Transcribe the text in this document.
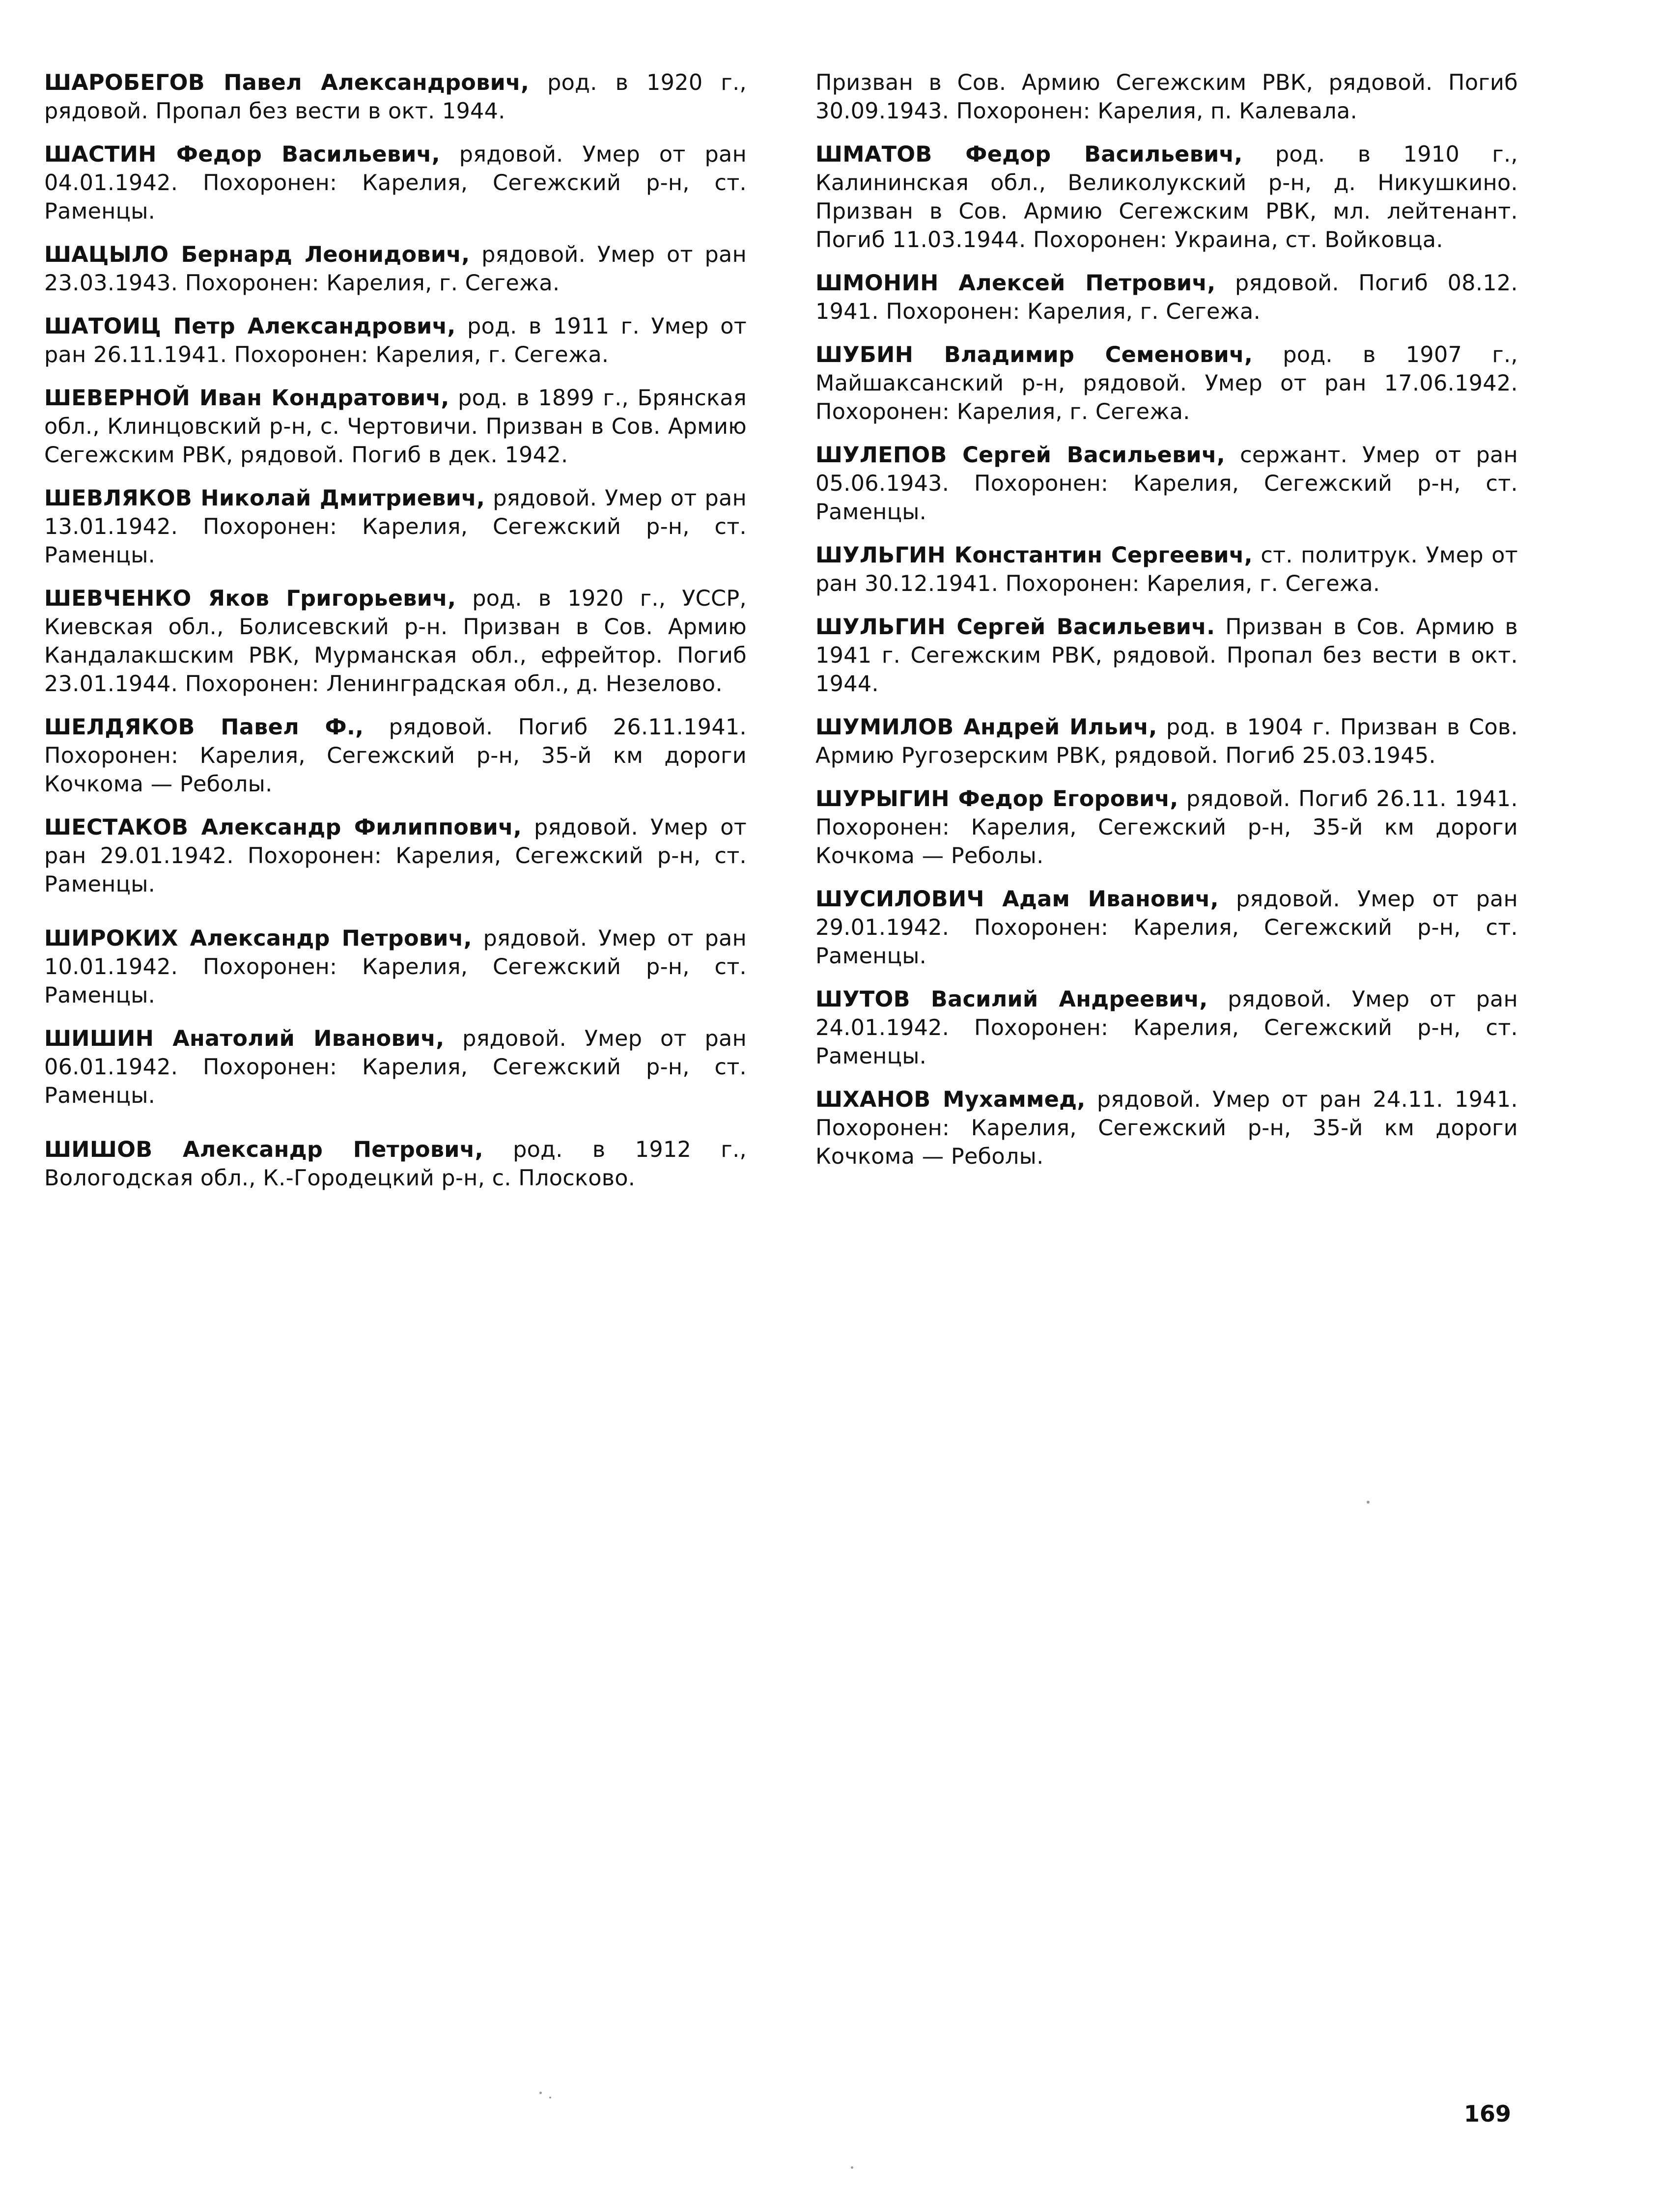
ШАРОБЕГОВ Павел Александрович, род. в 1920 г., рядовой. Пропал без вести в окт. 1944.

ШАСТИН Федор Васильевич, рядовой. Умер от ран 04.01.1942. Похоронен: Карелия, Сегежский р-н, ст. Раменцы.

ШАЦЫЛО Бернард Леонидович, рядовой. Умер от ран 23.03.1943. Похоронен: Карелия, г. Сегежа.

ШАТОИЦ Петр Александрович, род. в 1911 г. Умер от ран 26.11.1941. Похоронен: Карелия, г. Сегежа.

ШЕВЕРНОЙ Иван Кондратович, род. в 1899 г., Брянская обл., Клинцовский р-н, с. Чертовичи. Призван в Сов. Армию Сегежским РВК, рядовой. Погиб в дек. 1942.

ШЕВЛЯКОВ Николай Дмитриевич, рядовой. Умер от ран 13.01.1942. Похоронен: Карелия, Сегежский р-н, ст. Раменцы.

ШЕВЧЕНКО Яков Григорьевич, род. в 1920 г., УССР, Киевская обл., Болисевский р-н. Призван в Сов. Армию Кандалакшским РВК, Мурманская обл., ефрейтор. Погиб 23.01.1944. Похоронен: Ленинградская обл., д. Незелово.

ШЕЛДЯКОВ Павел Ф., рядовой. Погиб 26.11.1941. Похоронен: Карелия, Сегежский р-н, 35-й км дороги Кочкома — Реболы.

ШЕСТАКОВ Александр Филиппович, рядовой. Умер от ран 29.01.1942. Похоронен: Карелия, Сегежский р-н, ст. Раменцы.

ШИРОКИХ Александр Петрович, рядовой. Умер от ран 10.01.1942. Похоронен: Карелия, Сегежский р-н, ст. Раменцы.

ШИШИН Анатолий Иванович, рядовой. Умер от ран 06.01.1942. Похоронен: Карелия, Сегежский р-н, ст. Раменцы.

ШИШОВ Александр Петрович, род. в 1912 г., Вологодская обл., К.-Городецкий р-н, с. Плосково.

Призван в Сов. Армию Сегежским РВК, рядовой. Погиб 30.09.1943. Похоронен: Карелия, п. Калевала.

ШМАТОВ Федор Васильевич, род. в 1910 г., Калининская обл., Великолукский р-н, д. Никушкино. Призван в Сов. Армию Сегежским РВК, мл. лейтенант. Погиб 11.03.1944. Похоронен: Украина, ст. Войковца.

ШМОНИН Алексей Петрович, рядовой. Погиб 08.12. 1941. Похоронен: Карелия, г. Сегежа.

ШУБИН Владимир Семенович, род. в 1907 г., Майшаксанский р-н, рядовой. Умер от ран 17.06.1942. Похоронен: Карелия, г. Сегежа.

ШУЛЕПОВ Сергей Васильевич, сержант. Умер от ран 05.06.1943. Похоронен: Карелия, Сегежский р-н, ст. Раменцы.

ШУЛЬГИН Константин Сергеевич, ст. политрук. Умер от ран 30.12.1941. Похоронен: Карелия, г. Сегежа.

ШУЛЬГИН Сергей Васильевич. Призван в Сов. Армию в 1941 г. Сегежским РВК, рядовой. Пропал без вести в окт. 1944.

ШУМИЛОВ Андрей Ильич, род. в 1904 г. Призван в Сов. Армию Ругозерским РВК, рядовой. Погиб 25.03.1945.

ШУРЫГИН Федор Егорович, рядовой. Погиб 26.11. 1941. Похоронен: Карелия, Сегежский р-н, 35-й км дороги Кочкома — Реболы.

ШУСИЛОВИЧ Адам Иванович, рядовой. Умер от ран 29.01.1942. Похоронен: Карелия, Сегежский р-н, ст. Раменцы.

ШУТОВ Василий Андреевич, рядовой. Умер от ран 24.01.1942. Похоронен: Карелия, Сегежский р-н, ст. Раменцы.

ШХАНОВ Мухаммед, рядовой. Умер от ран 24.11. 1941. Похоронен: Карелия, Сегежский р-н, 35-й км дороги Кочкома — Реболы.

169
